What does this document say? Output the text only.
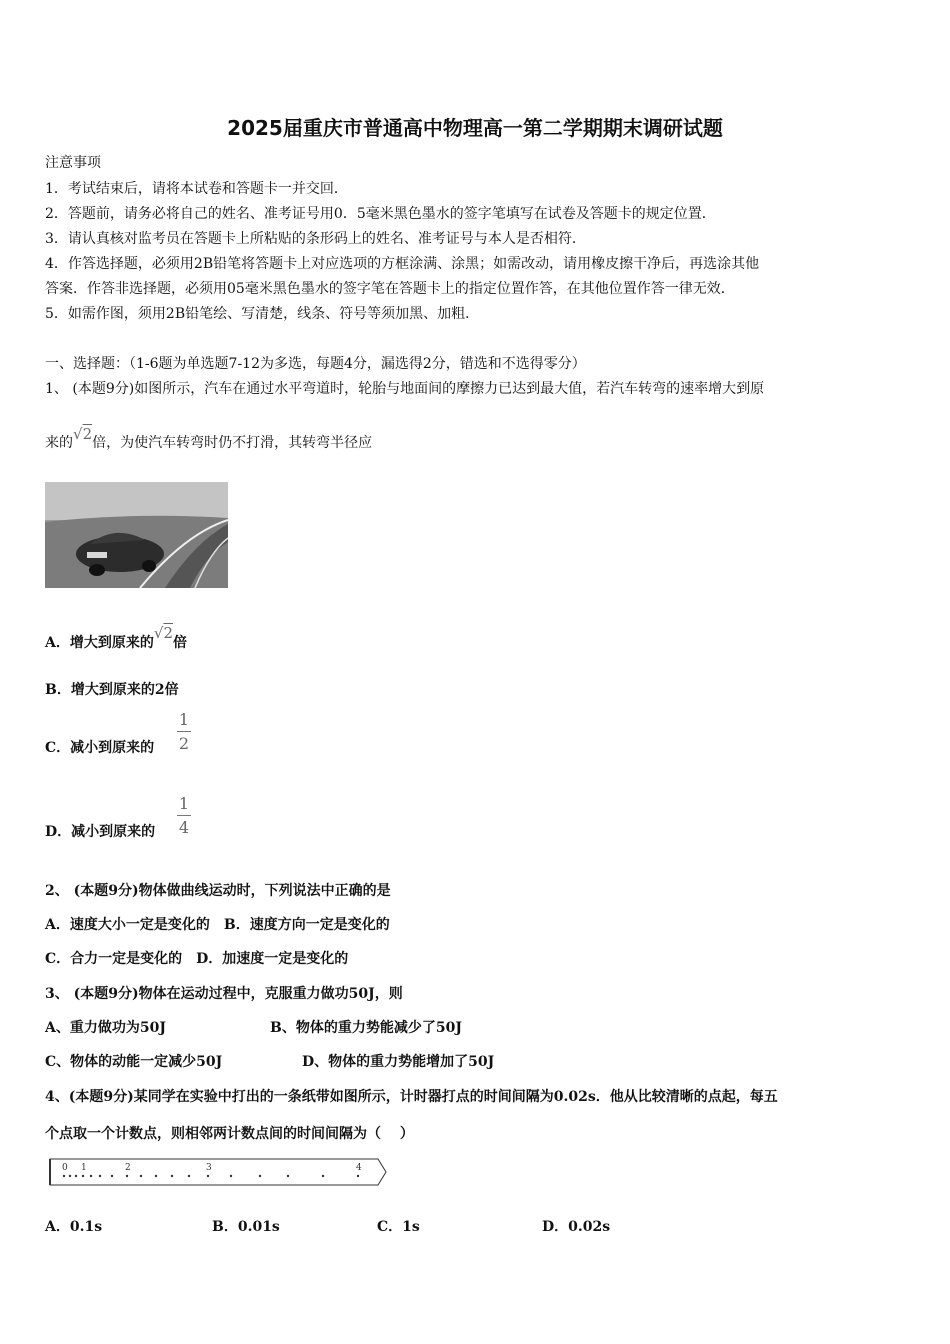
2025届重庆市普通高中物理高一第二学期期末调研试题
注意事项
1．考试结束后，请将本试卷和答题卡一并交回．
2．答题前，请务必将自己的姓名、准考证号用0．5毫米黑色墨水的签字笔填写在试卷及答题卡的规定位置．
3．请认真核对监考员在答题卡上所粘贴的条形码上的姓名、准考证号与本人是否相符．
4．作答选择题，必须用2B铅笔将答题卡上对应选项的方框涂满、涂黑；如需改动，请用橡皮擦干净后，再选涂其他
答案．作答非选择题，必须用05毫米黑色墨水的签字笔在答题卡上的指定位置作答，在其他位置作答一律无效．
5．如需作图，须用2B铅笔绘、写清楚，线条、符号等须加黑、加粗．
一、选择题：（1-6题为单选题7-12为多选，每题4分，漏选得2分，错选和不选得零分）
1、 (本题9分)如图所示，汽车在通过水平弯道时，轮胎与地面间的摩擦力已达到最大值，若汽车转弯的速率增大到原
来的√2倍，为使汽车转弯时仍不打滑，其转弯半径应
A．增大到原来的√2倍
B．增大到原来的2倍
C．减小到原来的
1
2
D．减小到原来的
1
4
2、 (本题9分)物体做曲线运动时，下列说法中正确的是
A．速度大小一定是变化的　B．速度方向一定是变化的
C．合力一定是变化的　D．加速度一定是变化的
3、 (本题9分)物体在运动过程中，克服重力做功50J，则
A、重力做功为50J	B、物体的重力势能减少了50J
C、物体的动能一定减少50J	D、物体的重力势能增加了50J
4、(本题9分)某同学在实验中打出的一条纸带如图所示，计时器打点的时间间隔为0.02s．他从比较清晰的点起，每五
个点取一个计数点，则相邻两计数点间的时间间隔为（　 ）
0 1	2	3	4
A．0.1s	B．0.01s	C．1s	D．0.02s
